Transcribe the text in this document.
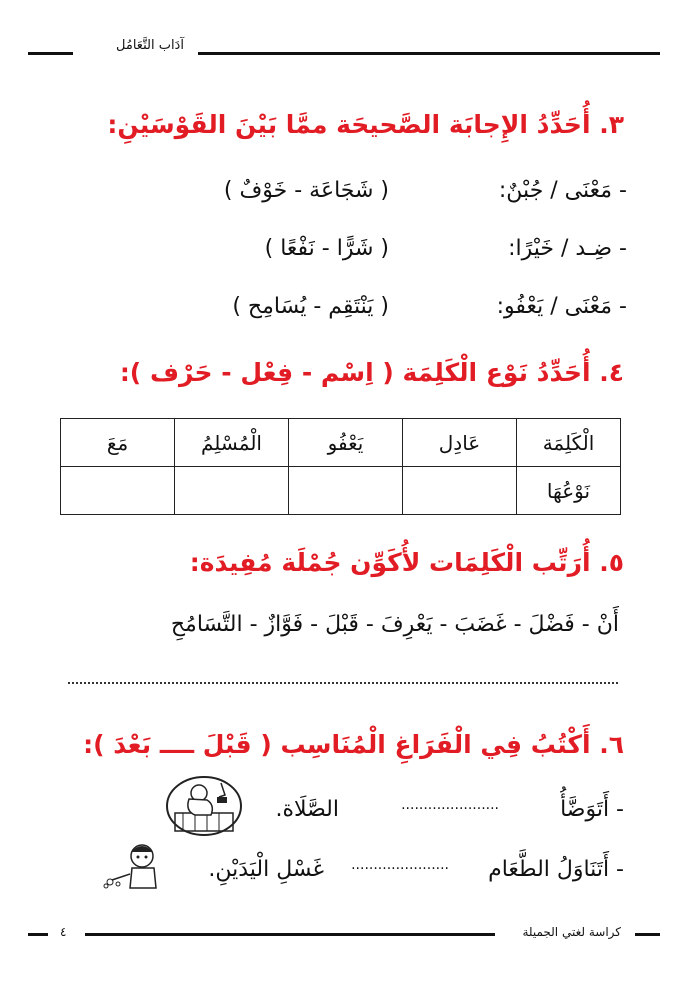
آدَاب التَّعَامُل
٣. أُحَدِّدُ الإِجابَة الصَّحيحَة ممَّا بَيْنَ القَوْسَيْنِ:
- مَعْنَى / جُبْنٌ:
( شَجَاعَة - خَوْفٌ )
- ضِـد / خَيْرًا:
( شَرًّا - نَفْعًا )
- مَعْنَى / يَعْفُو:
( يَنْتَقِم - يُسَامِح )
٤. أُحَدِّدُ نَوْع الْكَلِمَة ( اِسْم - فِعْل - حَرْف ):
الْكَلِمَة	عَادِل	يَعْفُو	الْمُسْلِمُ	مَعَ
نَوْعُهَا				
٥. أُرَتِّب الْكَلِمَات لأُكَوِّن جُمْلَة مُفِيدَة:
أَنْ - فَضْلَ - غَضَبَ - يَعْرِفَ - قَبْلَ - فَوَّازٌ - التَّسَامُحِ
٦. أَكْتُبُ فِي الْفَرَاغِ الْمُنَاسِب ( قَبْلَ ــــ بَعْدَ ):
- أَتَوَضَّأُ
......................
الصَّلَاة.
- أَتَنَاوَلُ الطَّعَام
......................
غَسْلِ الْيَدَيْنِ.
٤	كراسة لغتي الجميلة
